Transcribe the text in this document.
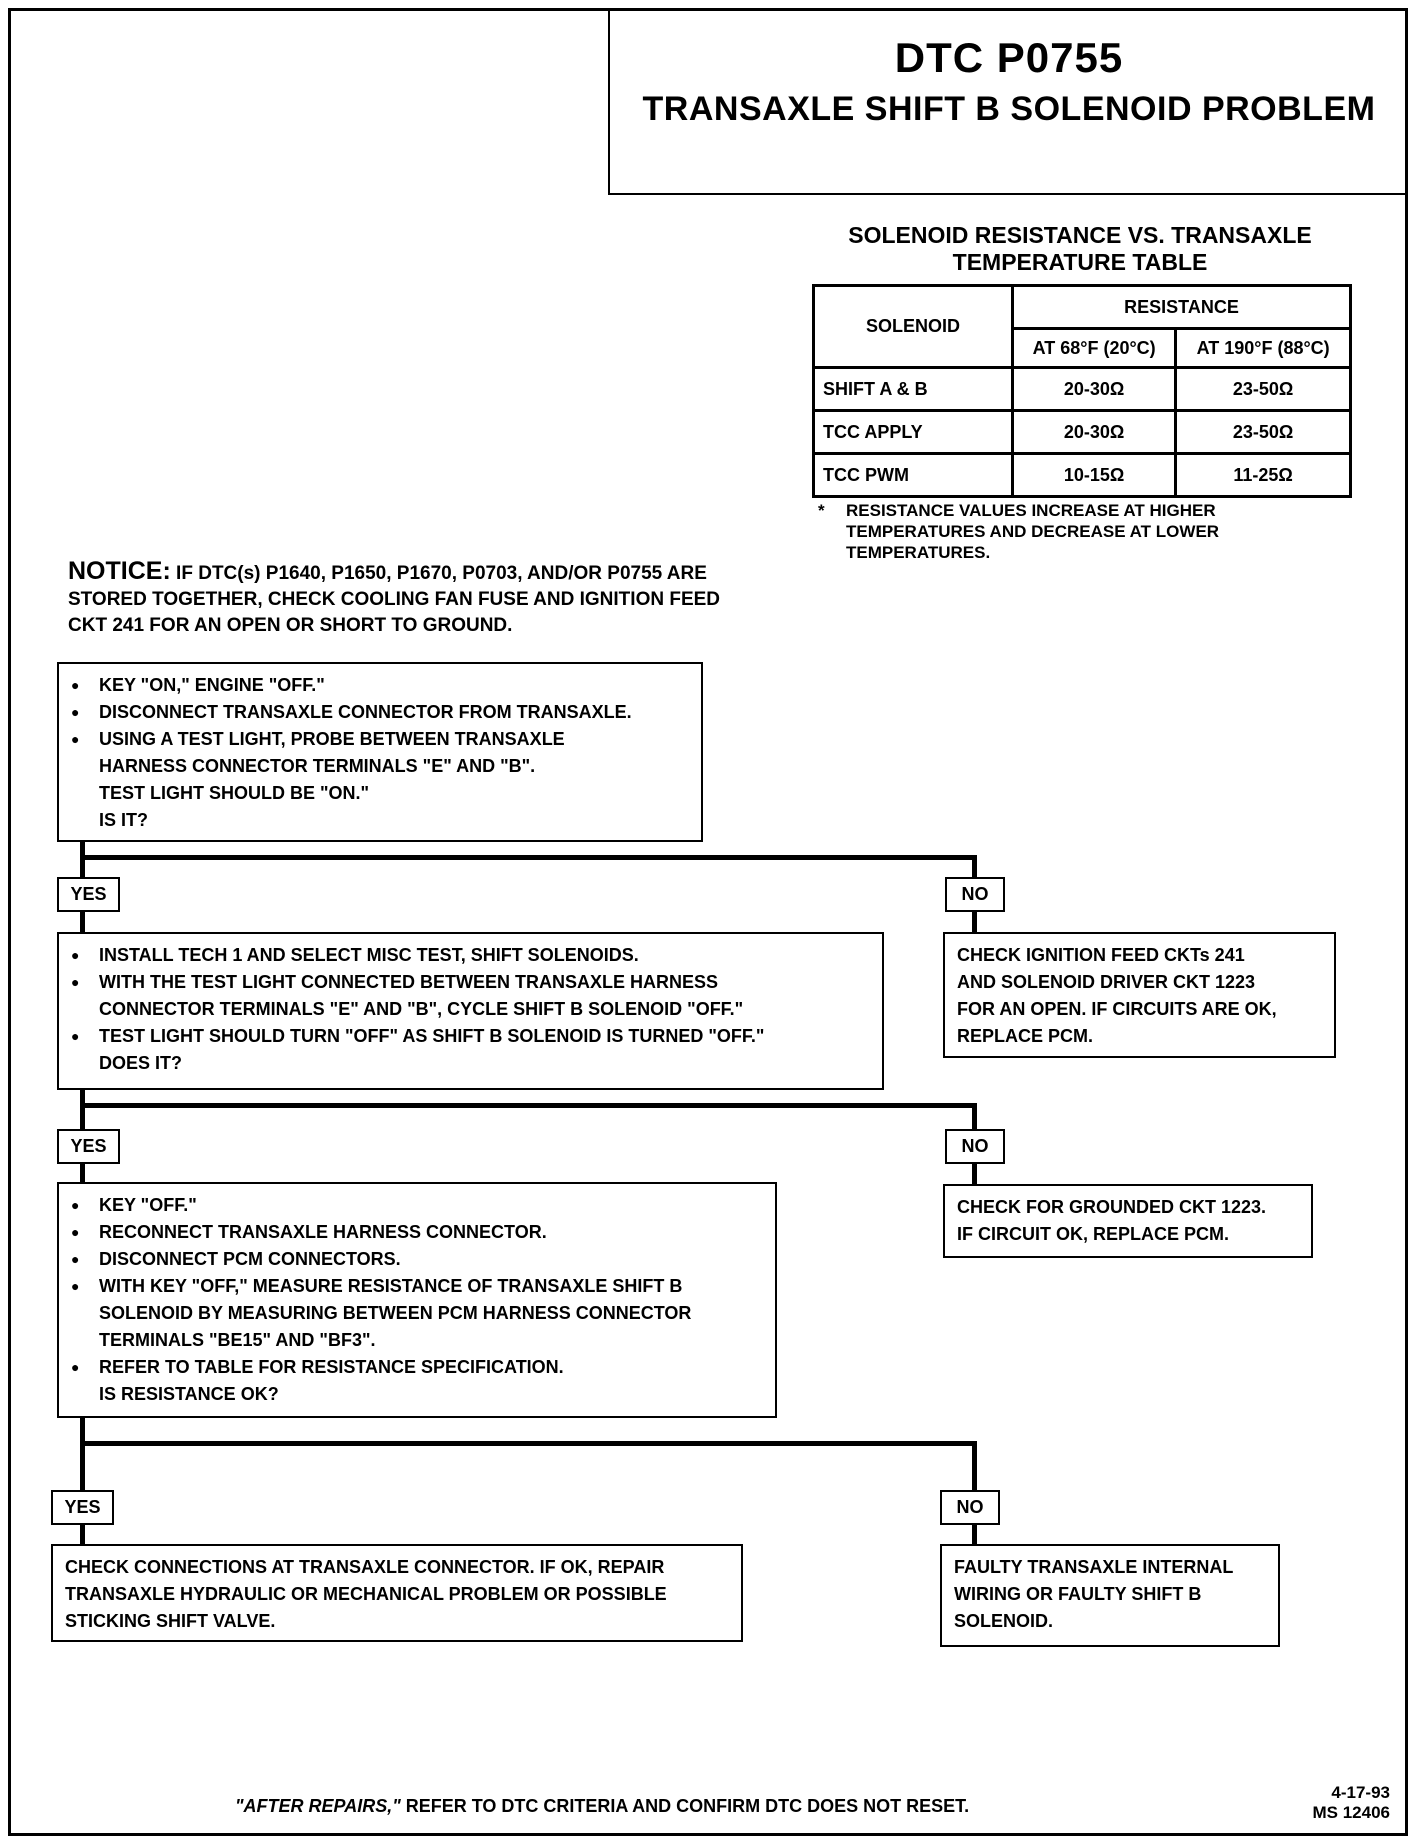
DTC P0755
TRANSAXLE SHIFT B SOLENOID PROBLEM
SOLENOID RESISTANCE VS. TRANSAXLE
TEMPERATURE TABLE
SOLENOID	RESISTANCE	
	AT 68°F (20°C)	AT 190°F (88°C)
SHIFT A & B	20-30Ω	23-50Ω
TCC APPLY	20-30Ω	23-50Ω
TCC PWM	10-15Ω	11-25Ω
* RESISTANCE VALUES INCREASE AT HIGHER
TEMPERATURES AND DECREASE AT LOWER
TEMPERATURES.
NOTICE: IF DTC(s) P1640, P1650, P1670, P0703, AND/OR P0755 ARE
STORED TOGETHER, CHECK COOLING FAN FUSE AND IGNITION FEED
CKT 241 FOR AN OPEN OR SHORT TO GROUND.
● KEY "ON," ENGINE "OFF."
● DISCONNECT TRANSAXLE CONNECTOR FROM TRANSAXLE.
● USING A TEST LIGHT, PROBE BETWEEN TRANSAXLE
HARNESS CONNECTOR TERMINALS "E" AND "B".
TEST LIGHT SHOULD BE "ON."
IS IT?
YES	NO
● INSTALL TECH 1 AND SELECT MISC TEST, SHIFT SOLENOIDS.
● WITH THE TEST LIGHT CONNECTED BETWEEN TRANSAXLE HARNESS
CONNECTOR TERMINALS "E" AND "B", CYCLE SHIFT B SOLENOID "OFF."
● TEST LIGHT SHOULD TURN "OFF" AS SHIFT B SOLENOID IS TURNED "OFF."
DOES IT?
CHECK IGNITION FEED CKTs 241
AND SOLENOID DRIVER CKT 1223
FOR AN OPEN. IF CIRCUITS ARE OK,
REPLACE PCM.
YES	NO
● KEY "OFF."
● RECONNECT TRANSAXLE HARNESS CONNECTOR.
● DISCONNECT PCM CONNECTORS.
● WITH KEY "OFF," MEASURE RESISTANCE OF TRANSAXLE SHIFT B
SOLENOID BY MEASURING BETWEEN PCM HARNESS CONNECTOR
TERMINALS "BE15" AND "BF3".
● REFER TO TABLE FOR RESISTANCE SPECIFICATION.
IS RESISTANCE OK?
CHECK FOR GROUNDED CKT 1223.
IF CIRCUIT OK, REPLACE PCM.
YES	NO
CHECK CONNECTIONS AT TRANSAXLE CONNECTOR. IF OK, REPAIR
TRANSAXLE HYDRAULIC OR MECHANICAL PROBLEM OR POSSIBLE
STICKING SHIFT VALVE.
FAULTY TRANSAXLE INTERNAL
WIRING OR FAULTY SHIFT B
SOLENOID.
"AFTER REPAIRS," REFER TO DTC CRITERIA AND CONFIRM DTC DOES NOT RESET.
4-17-93
MS 12406
